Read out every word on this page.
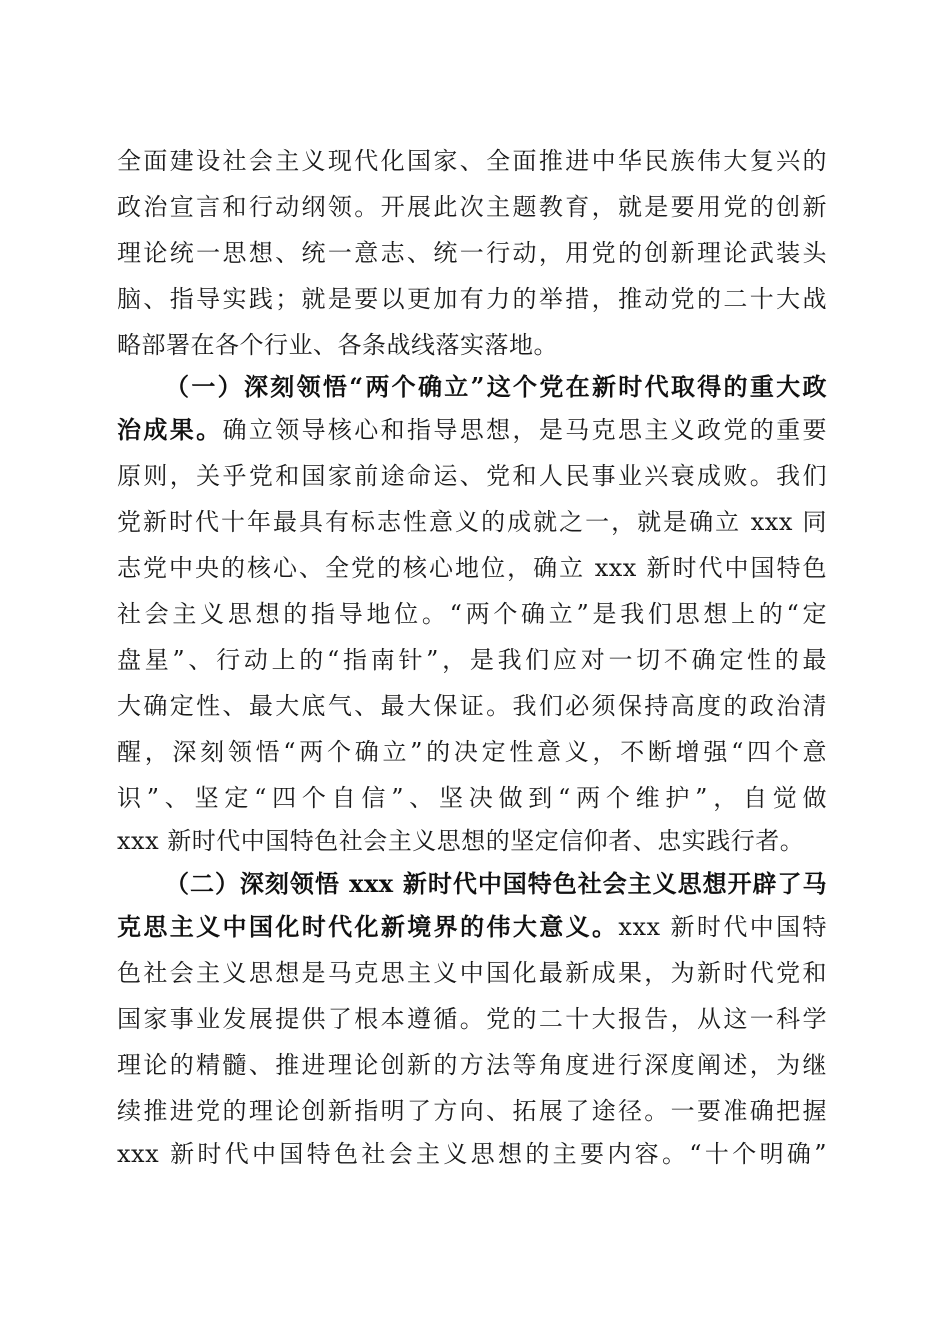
全面建设社会主义现代化国家、全面推进中华民族伟大复兴的
政治宣言和行动纲领。开展此次主题教育，就是要用党的创新
理论统一思想、统一意志、统一行动，用党的创新理论武装头
脑、指导实践；就是要以更加有力的举措，推动党的二十大战
略部署在各个行业、各条战线落实落地。
（一）深刻领悟“两个确立”这个党在新时代取得的重大政
治成果。确立领导核心和指导思想，是马克思主义政党的重要
原则，关乎党和国家前途命运、党和人民事业兴衰成败。我们
党新时代十年最具有标志性意义的成就之一，就是确立 xxx 同
志党中央的核心、全党的核心地位，确立 xxx 新时代中国特色
社会主义思想的指导地位。“两个确立”是我们思想上的“定
盘星”、行动上的“指南针”，是我们应对一切不确定性的最
大确定性、最大底气、最大保证。我们必须保持高度的政治清
醒，深刻领悟“两个确立”的决定性意义，不断增强“四个意
识”、坚定“四个自信”、坚决做到“两个维护”，自觉做
xxx 新时代中国特色社会主义思想的坚定信仰者、忠实践行者。
（二）深刻领悟 xxx 新时代中国特色社会主义思想开辟了马
克思主义中国化时代化新境界的伟大意义。xxx 新时代中国特
色社会主义思想是马克思主义中国化最新成果，为新时代党和
国家事业发展提供了根本遵循。党的二十大报告，从这一科学
理论的精髓、推进理论创新的方法等角度进行深度阐述，为继
续推进党的理论创新指明了方向、拓展了途径。一要准确把握
xxx 新时代中国特色社会主义思想的主要内容。“十个明确”
